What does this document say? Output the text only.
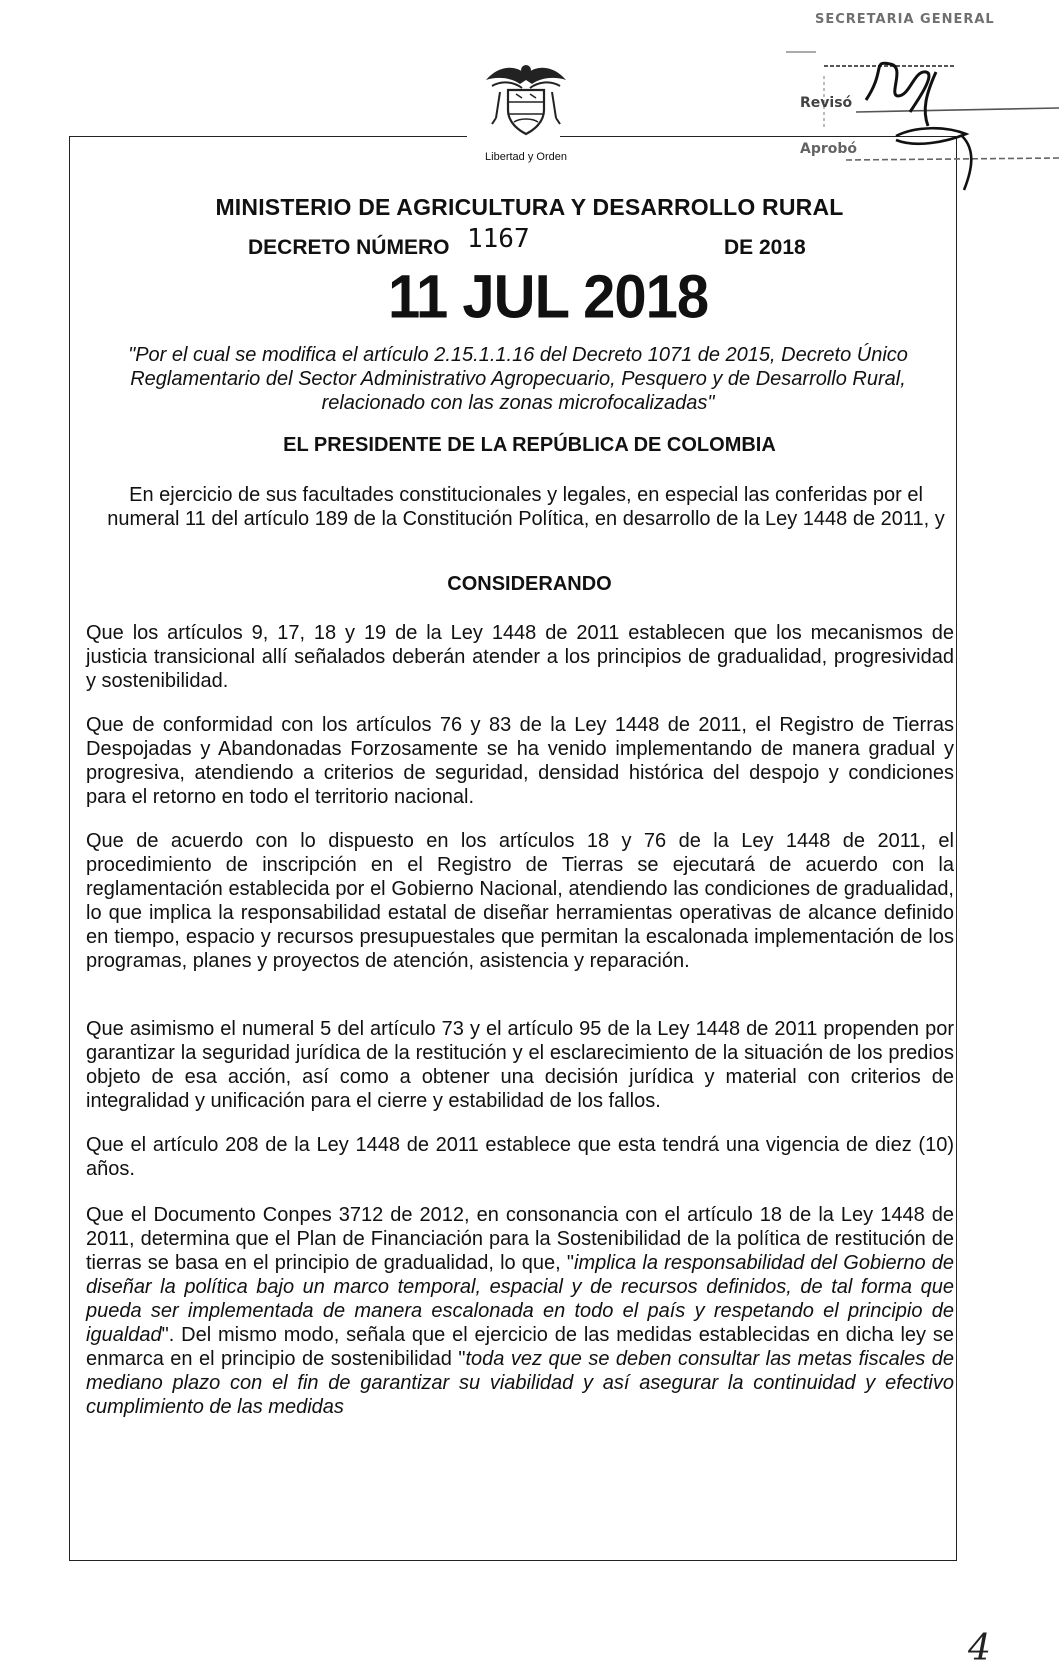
Libertad y Orden
SECRETARIA GENERAL
Revisó
Aprobó
MINISTERIO DE AGRICULTURA Y DESARROLLO RURAL
DECRETO NÚMERO 1167	DE 2018
11 JUL 2018
"Por el cual se modifica el artículo 2.15.1.1.16 del Decreto 1071 de 2015, Decreto Único Reglamentario del Sector Administrativo Agropecuario, Pesquero y de Desarrollo Rural, relacionado con las zonas microfocalizadas"
EL PRESIDENTE DE LA REPÚBLICA DE COLOMBIA
En ejercicio de sus facultades constitucionales y legales, en especial las conferidas por el numeral 11 del artículo 189 de la Constitución Política, en desarrollo de la Ley 1448 de 2011, y
CONSIDERANDO
Que los artículos 9, 17, 18 y 19 de la Ley 1448 de 2011 establecen que los mecanismos de justicia transicional allí señalados deberán atender a los principios de gradualidad, progresividad y sostenibilidad.
Que de conformidad con los artículos 76 y 83 de la Ley 1448 de 2011, el Registro de Tierras Despojadas y Abandonadas Forzosamente se ha venido implementando de manera gradual y progresiva, atendiendo a criterios de seguridad, densidad histórica del despojo y condiciones para el retorno en todo el territorio nacional.
Que de acuerdo con lo dispuesto en los artículos 18 y 76 de la Ley 1448 de 2011, el procedimiento de inscripción en el Registro de Tierras se ejecutará de acuerdo con la reglamentación establecida por el Gobierno Nacional, atendiendo las condiciones de gradualidad, lo que implica la responsabilidad estatal de diseñar herramientas operativas de alcance definido en tiempo, espacio y recursos presupuestales que permitan la escalonada implementación de los programas, planes y proyectos de atención, asistencia y reparación.
Que asimismo el numeral 5 del artículo 73 y el artículo 95 de la Ley 1448 de 2011 propenden por garantizar la seguridad jurídica de la restitución y el esclarecimiento de la situación de los predios objeto de esa acción, así como a obtener una decisión jurídica y material con criterios de integralidad y unificación para el cierre y estabilidad de los fallos.
Que el artículo 208 de la Ley 1448 de 2011 establece que esta tendrá una vigencia de diez (10) años.
Que el Documento Conpes 3712 de 2012, en consonancia con el artículo 18 de la Ley 1448 de 2011, determina que el Plan de Financiación para la Sostenibilidad de la política de restitución de tierras se basa en el principio de gradualidad, lo que, "implica la responsabilidad del Gobierno de diseñar la política bajo un marco temporal, espacial y de recursos definidos, de tal forma que pueda ser implementada de manera escalonada en todo el país y respetando el principio de igualdad". Del mismo modo, señala que el ejercicio de las medidas establecidas en dicha ley se enmarca en el principio de sostenibilidad "toda vez que se deben consultar las metas fiscales de mediano plazo con el fin de garantizar su viabilidad y así asegurar la continuidad y efectivo cumplimiento de las medidas
4
